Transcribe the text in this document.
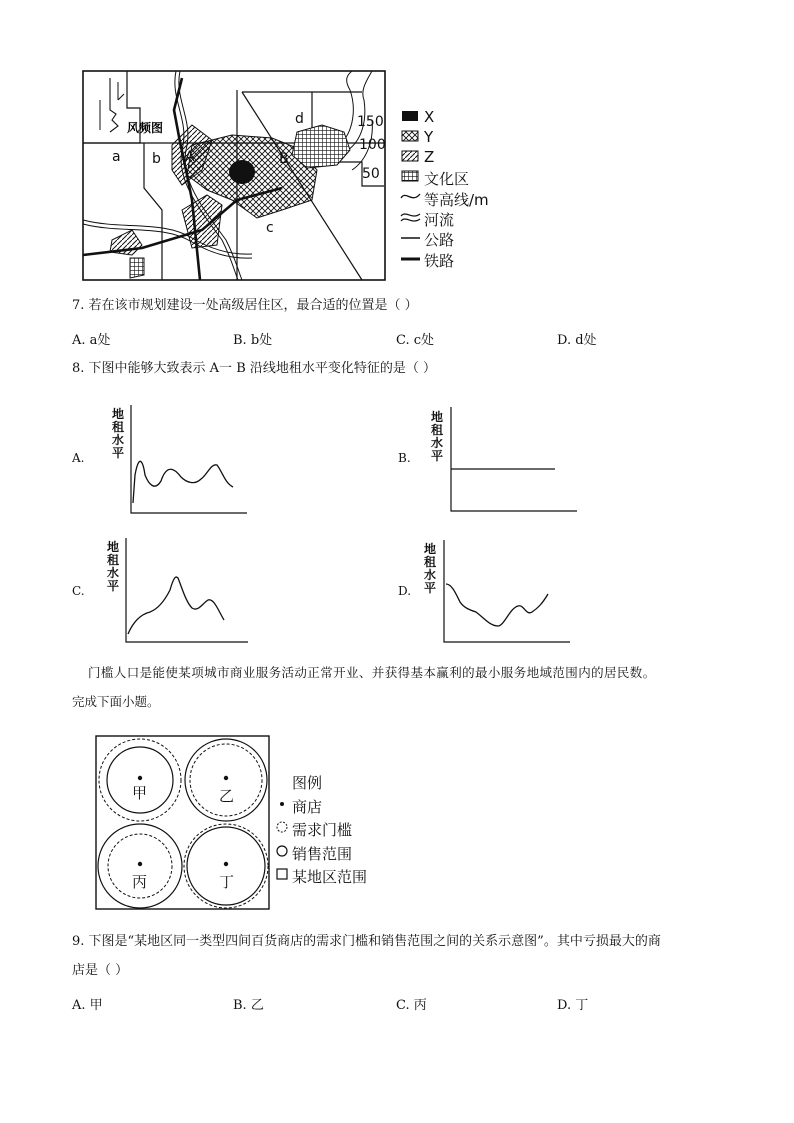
a b A	B
c
d	150
100
50
风频图
X
Y
Z
文化区
等高线/m
河流
公路
铁路
7. 若在该市规划建设一处高级居住区，最合适的位置是（ ）
A. a处	B. b处	C. c处	D. d处
8. 下图中能够大致表示 A一 B 沿线地租水平变化特征的是（ ）
A.
地
租
水
平	B.
地
租
水
平
C.
地
租
水
平	D.
地
租
水
平
门槛人口是能使某项城市商业服务活动正常开业、并获得基本赢利的最小服务地域范围内的居民数。
完成下面小题。
甲	乙
丙	丁
图例
商店
需求门槛
销售范围
某地区范围
9. 下图是“某地区同一类型四间百货商店的需求门槛和销售范围之间的关系示意图”。其中亏损最大的商
店是（ ）
A. 甲	B. 乙	C. 丙	D. 丁
